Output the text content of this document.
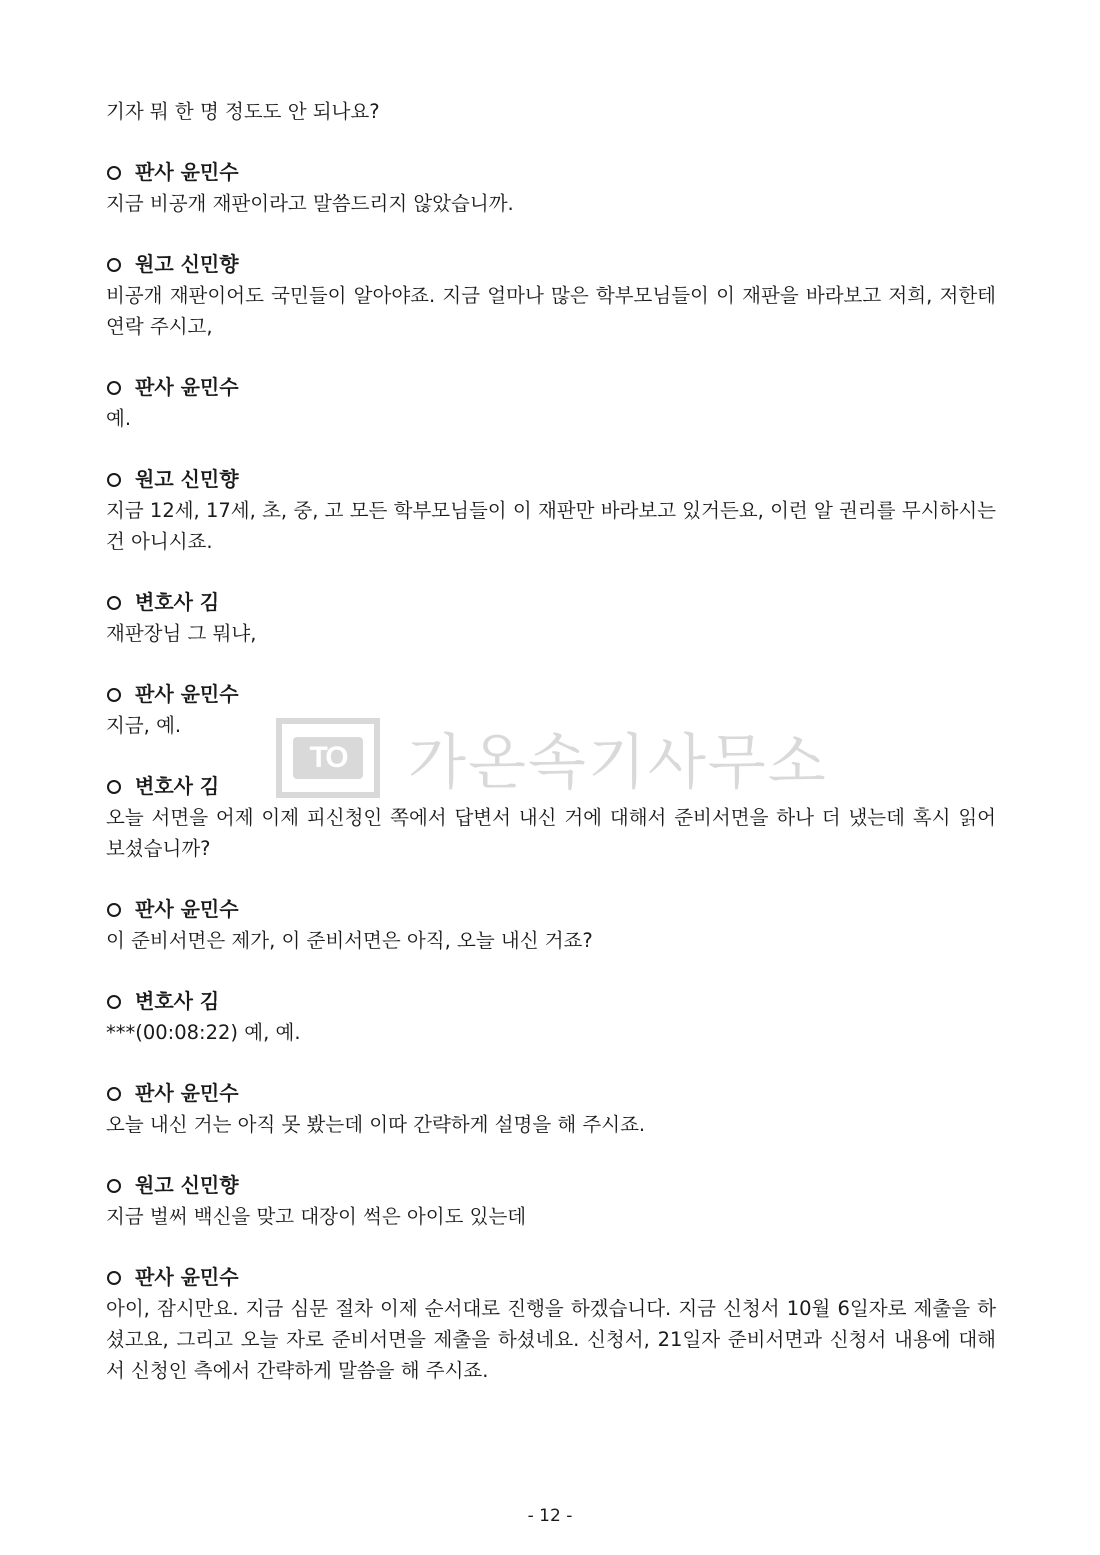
기자 뭐 한 명 정도도 안 되나요?

판사 윤민수
지금 비공개 재판이라고 말씀드리지 않았습니까.
원고 신민향
비공개 재판이어도 국민들이 알아야죠. 지금 얼마나 많은 학부모님들이 이 재판을 바라보고 저희, 저한테 연락 주시고,
판사 윤민수
예.
원고 신민향
지금 12세, 17세, 초, 중, 고 모든 학부모님들이 이 재판만 바라보고 있거든요, 이런 알 권리를 무시하시는 건 아니시죠.
변호사 김
재판장님 그 뭐냐,
판사 윤민수
지금, 예.
변호사 김
오늘 서면을 어제 이제 피신청인 쪽에서 답변서 내신 거에 대해서 준비서면을 하나 더 냈는데 혹시 읽어 보셨습니까?
판사 윤민수
이 준비서면은 제가, 이 준비서면은 아직, 오늘 내신 거죠?
변호사 김
***(00:08:22) 예, 예.
판사 윤민수
오늘 내신 거는 아직 못 봤는데 이따 간략하게 설명을 해 주시죠.
원고 신민향
지금 벌써 백신을 맞고 대장이 썩은 아이도 있는데
판사 윤민수
아이, 잠시만요. 지금 심문 절차 이제 순서대로 진행을 하겠습니다. 지금 신청서 10월 6일자로 제출을 하셨고요, 그리고 오늘 자로 준비서면을 제출을 하셨네요. 신청서, 21일자 준비서면과 신청서 내용에 대해서 신청인 측에서 간략하게 말씀을 해 주시죠.
TO 가온속기사무소
- 12 -
